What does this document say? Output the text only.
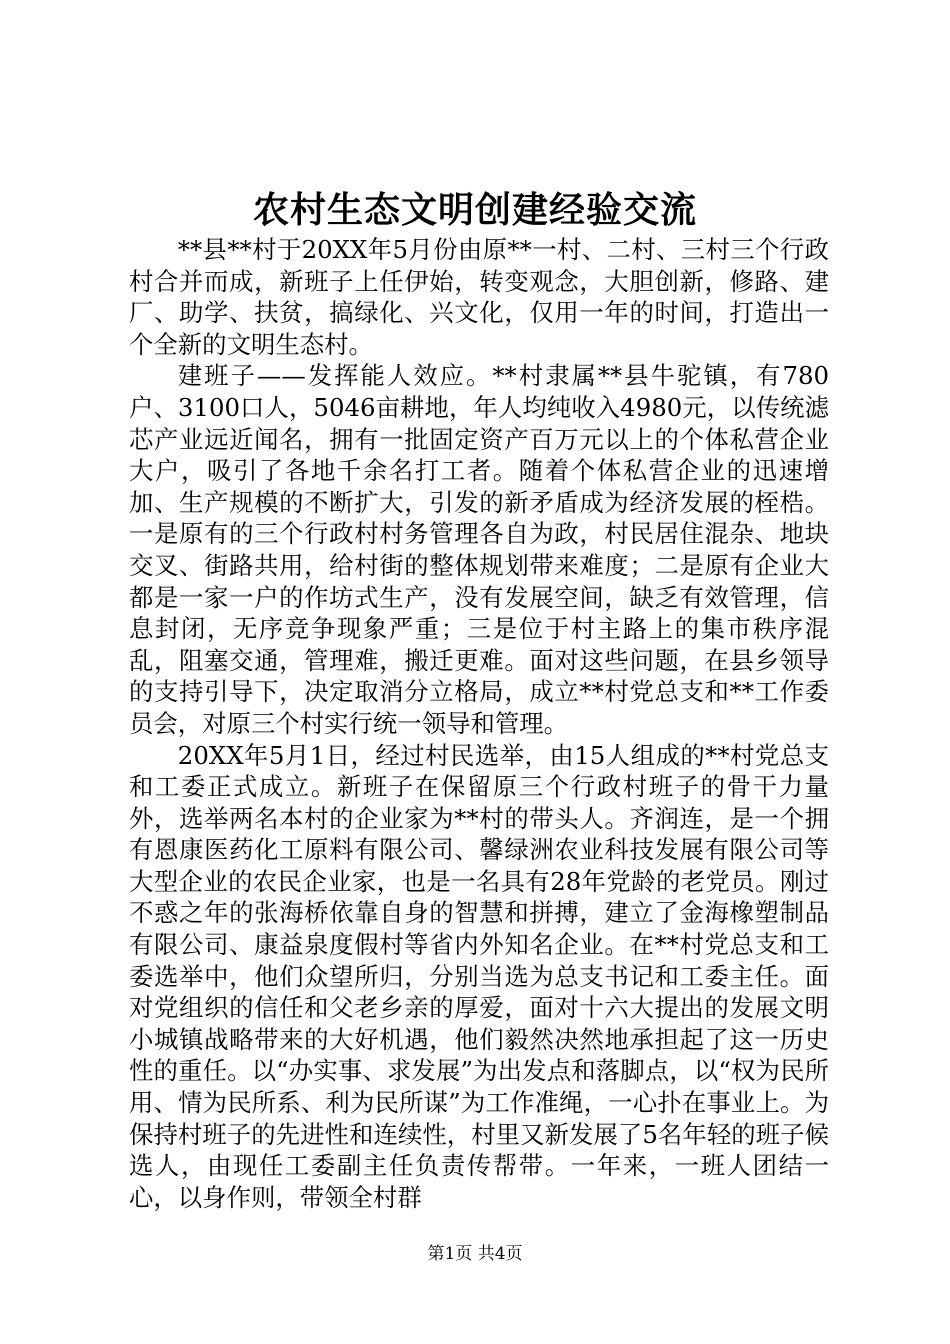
农村生态文明创建经验交流

**县**村于20XX年5月份由原**一村、二村、三村三个行政村合并而成，新班子上任伊始，转变观念，大胆创新，修路、建厂、助学、扶贫，搞绿化、兴文化，仅用一年的时间，打造出一个全新的文明生态村。

建班子——发挥能人效应。**村隶属**县牛驼镇，有780户、3100口人，5046亩耕地，年人均纯收入4980元，以传统滤芯产业远近闻名，拥有一批固定资产百万元以上的个体私营企业大户，吸引了各地千余名打工者。随着个体私营企业的迅速增加、生产规模的不断扩大，引发的新矛盾成为经济发展的桎梏。一是原有的三个行政村村务管理各自为政，村民居住混杂、地块交叉、街路共用，给村街的整体规划带来难度；二是原有企业大都是一家一户的作坊式生产，没有发展空间，缺乏有效管理，信息封闭，无序竞争现象严重；三是位于村主路上的集市秩序混乱，阻塞交通，管理难，搬迁更难。面对这些问题，在县乡领导的支持引导下，决定取消分立格局，成立**村党总支和**工作委员会，对原三个村实行统一领导和管理。

20XX年5月1日，经过村民选举，由15人组成的**村党总支和工委正式成立。新班子在保留原三个行政村班子的骨干力量外，选举两名本村的企业家为**村的带头人。齐润连，是一个拥有恩康医药化工原料有限公司、馨绿洲农业科技发展有限公司等大型企业的农民企业家，也是一名具有28年党龄的老党员。刚过不惑之年的张海桥依靠自身的智慧和拼搏，建立了金海橡塑制品有限公司、康益泉度假村等省内外知名企业。在**村党总支和工委选举中，他们众望所归，分别当选为总支书记和工委主任。面对党组织的信任和父老乡亲的厚爱，面对十六大提出的发展文明小城镇战略带来的大好机遇，他们毅然决然地承担起了这一历史性的重任。以“办实事、求发展”为出发点和落脚点，以“权为民所用、情为民所系、利为民所谋”为工作准绳，一心扑在事业上。为保持村班子的先进性和连续性，村里又新发展了5名年轻的班子候选人，由现任工委副主任负责传帮带。一年来，一班人团结一心，以身作则，带领全村群

第1页 共4页
